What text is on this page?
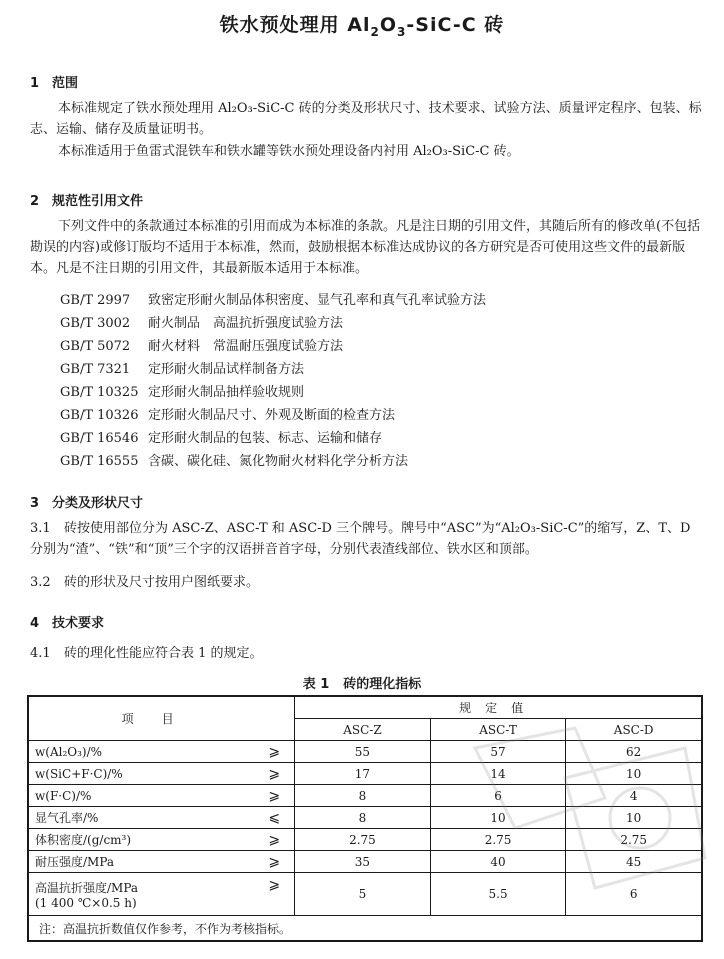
铁水预处理用 $Al_2O_3-SiC-C$ 砖
1 范围
本标准规定了铁水预处理用 Al₂O₃-SiC-C 砖的分类及形状尺寸、技术要求、试验方法、质量评定程序、包装、标志、运输、储存及质量证明书。
本标准适用于鱼雷式混铁车和铁水罐等铁水预处理设备内衬用 Al₂O₃-SiC-C 砖。
2 规范性引用文件
下列文件中的条款通过本标准的引用而成为本标准的条款。凡是注日期的引用文件，其随后所有的修改单(不包括勘误的内容)或修订版均不适用于本标准，然而，鼓励根据本标准达成协议的各方研究是否可使用这些文件的最新版本。凡是不注日期的引用文件，其最新版本适用于本标准。
GB/T 2997 致密定形耐火制品体积密度、显气孔率和真气孔率试验方法
GB/T 3002 耐火制品　高温抗折强度试验方法
GB/T 5072 耐火材料　常温耐压强度试验方法
GB/T 7321 定形耐火制品试样制备方法
GB/T 10325 定形耐火制品抽样验收规则
GB/T 10326 定形耐火制品尺寸、外观及断面的检查方法
GB/T 16546 定形耐火制品的包装、标志、运输和储存
GB/T 16555 含碳、碳化硅、氮化物耐火材料化学分析方法
3 分类及形状尺寸
3.1 砖按使用部位分为 ASC-Z、ASC-T 和 ASC-D 三个牌号。牌号中“ASC”为“Al₂O₃-SiC-C”的缩写，Z、T、D 分别为“渣”、“铁”和“顶”三个字的汉语拼音首字母，分别代表渣线部位、铁水区和顶部。
3.2 砖的形状及尺寸按用户图纸要求。
4 技术要求
4.1 砖的理化性能应符合表 1 的规定。
表 1 砖的理化指标
项目	规定值		
	ASC-Z	ASC-T	ASC-D
w(Al₂O₃)/% ⩾	55	57	62
w(SiC+F·C)/% ⩾	17	14	10
w(F·C)/% ⩾	8	6	4
显气孔率/% ⩽	8	10	10
体积密度/(g/cm³) ⩾	2.75	2.75	2.75
耐压强度/MPa ⩾	35	40	45

高温抗折强度/MPa
(1 400 ℃×0.5 h)
⩾	5	5.5	6
注：高温抗折数值仅作参考，不作为考核指标。			
